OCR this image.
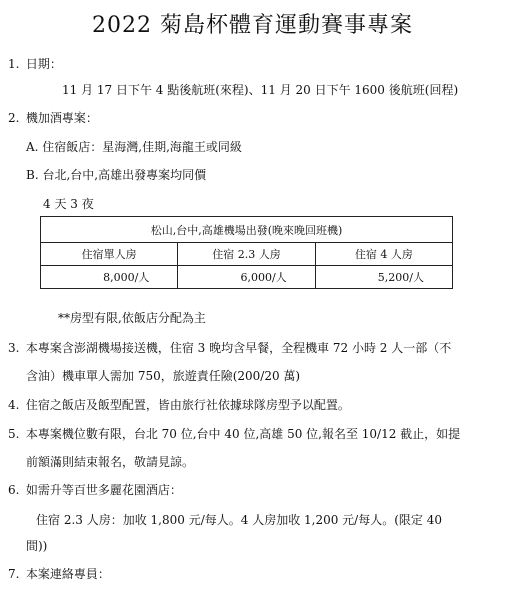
2022 菊島杯體育運動賽事專案
1. 日期：
11 月 17 日下午 4 點後航班(來程)、11 月 20 日下午 1600 後航班(回程)
2. 機加酒專案：
A. 住宿飯店：星海灣,佳期,海龍王或同級
B. 台北,台中,高雄出發專案均同價
4 天 3 夜
松山,台中,高雄機場出發(晚來晚回班機)		
住宿單人房	住宿 2.3 人房	住宿 4 人房
8,000/人	6,000/人	5,200/人
**房型有限,依飯店分配為主
3. 本專案含澎湖機場接送機，住宿 3 晚均含早餐，全程機車 72 小時 2 人一部（不
含油）機車單人需加 750，旅遊責任險(200/20 萬)
4. 住宿之飯店及飯型配置，皆由旅行社依據球隊房型予以配置。
5. 本專案機位數有限，台北 70 位,台中 40 位,高雄 50 位,報名至 10/12 截止，如提
前額滿則結束報名，敬請見諒。
6. 如需升等百世多麗花園酒店：
住宿 2.3 人房：加收 1,800 元/每人。4 人房加收 1,200 元/每人。(限定 40
間))
7. 本案連絡專員：
